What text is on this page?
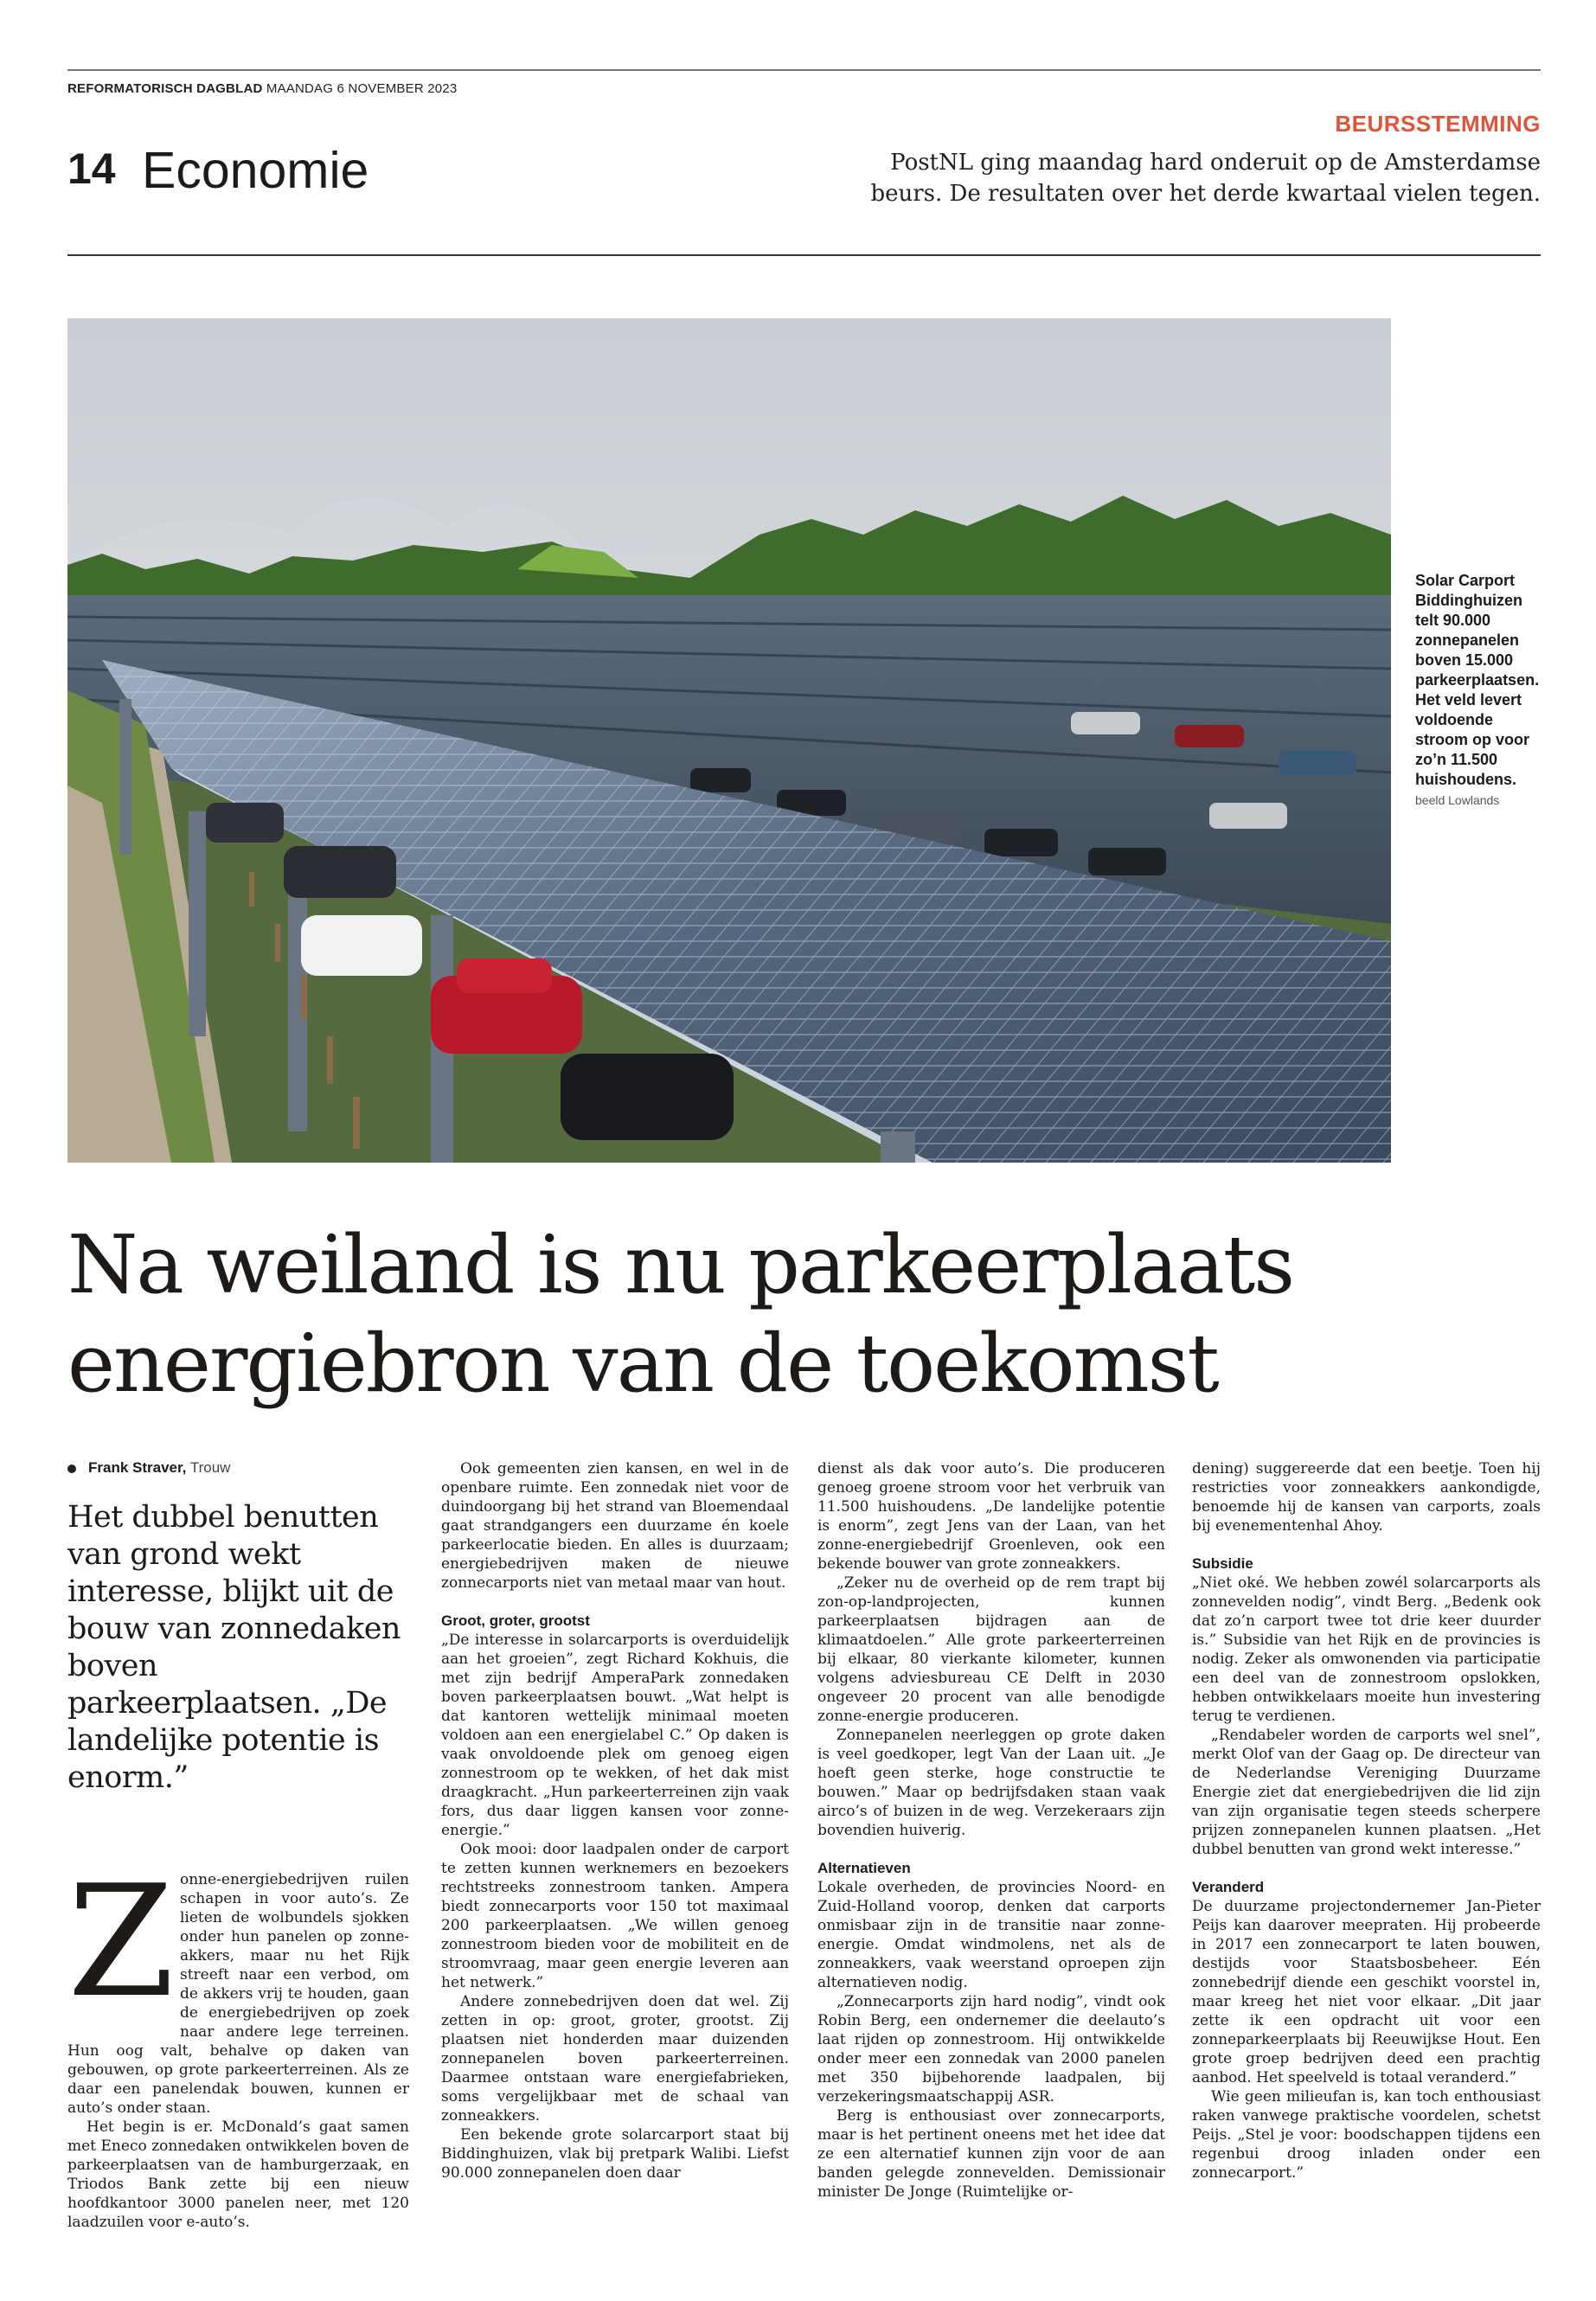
REFORMATORISCH DAGBLAD MAANDAG 6 NOVEMBER 2023
14 Economie
BEURSSTEMMING
PostNL ging maandag hard onderuit op de Amsterdamse beurs. De resultaten over het derde kwartaal vielen tegen.
Solar Carport Biddinghuizen telt 90.000 zonnepanelen boven 15.000 parkeerplaatsen. Het veld levert voldoende stroom op voor zo’n 11.500 huishoudens. beeld Lowlands
Na weiland is nu parkeerplaats
energiebron van de toekomst
Frank Straver, Trouw
Het dubbel benutten van grond wekt interesse, blijkt uit de bouw van zonnedaken boven parkeerplaatsen. „De landelijke potentie is enorm.”
Z onne-energiebedrijven ruilen schapen in voor auto’s. Ze lieten de wolbundels sjokken onder hun panelen op zonne-akkers, maar nu het Rijk streeft naar een verbod, om de akkers vrij te houden, gaan de energiebedrijven op zoek naar andere lege terreinen. Hun oog valt, behalve op daken van gebouwen, op grote parkeerterreinen. Als ze daar een panelendak bouwen, kunnen er auto’s onder staan.

Het begin is er. McDonald’s gaat samen met Eneco zonnedaken ontwikkelen boven de parkeerplaatsen van de hamburgerzaak, en Triodos Bank zette bij een nieuw hoofdkantoor 3000 panelen neer, met 120 laadzuilen voor e-auto’s.

Ook gemeenten zien kansen, en wel in de openbare ruimte. Een zonnedak niet voor de duindoorgang bij het strand van Bloemendaal gaat strandgangers een duurzame én koele parkeerlocatie bieden. En alles is duurzaam; energiebedrijven maken de nieuwe zonnecarports niet van metaal maar van hout.

Groot, groter, grootst

„De interesse in solarcarports is overduidelijk aan het groeien”, zegt Richard Kokhuis, die met zijn bedrijf AmperaPark zonnedaken boven parkeerplaatsen bouwt. „Wat helpt is dat kantoren wettelijk minimaal moeten voldoen aan een energielabel C.” Op daken is vaak onvoldoende plek om genoeg eigen zonnestroom op te wekken, of het dak mist draagkracht. „Hun parkeerterreinen zijn vaak fors, dus daar liggen kansen voor zonne-energie.”

Ook mooi: door laadpalen onder de carport te zetten kunnen werknemers en bezoekers rechtstreeks zonnestroom tanken. Ampera biedt zonnecarports voor 150 tot maximaal 200 parkeerplaatsen. „We willen genoeg zonnestroom bieden voor de mobiliteit en de stroomvraag, maar geen energie leveren aan het netwerk.”

Andere zonnebedrijven doen dat wel. Zij zetten in op: groot, groter, grootst. Zij plaatsen niet honderden maar duizenden zonnepanelen boven parkeerterreinen. Daarmee ontstaan ware energiefabrieken, soms vergelijkbaar met de schaal van zonneakkers.

Een bekende grote solarcarport staat bij Biddinghuizen, vlak bij pretpark Walibi. Liefst 90.000 zonnepanelen doen daar

dienst als dak voor auto’s. Die produceren genoeg groene stroom voor het verbruik van 11.500 huishoudens. „De landelijke potentie is enorm”, zegt Jens van der Laan, van het zonne-energiebedrijf Groenleven, ook een bekende bouwer van grote zonneakkers.

„Zeker nu de overheid op de rem trapt bij zon-op-landprojecten, kunnen parkeerplaatsen bijdragen aan de klimaatdoelen.” Alle grote parkeerterreinen bij elkaar, 80 vierkante kilometer, kunnen volgens adviesbureau CE Delft in 2030 ongeveer 20 procent van alle benodigde zonne-energie produceren.

Zonnepanelen neerleggen op grote daken is veel goedkoper, legt Van der Laan uit. „Je hoeft geen sterke, hoge constructie te bouwen.” Maar op bedrijfsdaken staan vaak airco’s of buizen in de weg. Verzekeraars zijn bovendien huiverig.

Alternatieven

Lokale overheden, de provincies Noord- en Zuid-Holland voorop, denken dat carports onmisbaar zijn in de transitie naar zonne-energie. Omdat windmolens, net als de zonneakkers, vaak weerstand oproepen zijn alternatieven nodig.

„Zonnecarports zijn hard nodig”, vindt ook Robin Berg, een ondernemer die deelauto’s laat rijden op zonnestroom. Hij ontwikkelde onder meer een zonnedak van 2000 panelen met 350 bijbehorende laadpalen, bij verzekeringsmaatschappij ASR.

Berg is enthousiast over zonnecarports, maar is het pertinent oneens met het idee dat ze een alternatief kunnen zijn voor de aan banden gelegde zonnevelden. Demissionair minister De Jonge (Ruimtelijke or-

dening) suggereerde dat een beetje. Toen hij restricties voor zonneakkers aankondigde, benoemde hij de kansen van carports, zoals bij evenementenhal Ahoy.

Subsidie

„Niet oké. We hebben zowél solarcarports als zonnevelden nodig”, vindt Berg. „Bedenk ook dat zo’n carport twee tot drie keer duurder is.” Subsidie van het Rijk en de provincies is nodig. Zeker als omwonenden via participatie een deel van de zonnestroom opslokken, hebben ontwikkelaars moeite hun investering terug te verdienen.

„Rendabeler worden de carports wel snel”, merkt Olof van der Gaag op. De directeur van de Nederlandse Vereniging Duurzame Energie ziet dat energiebedrijven die lid zijn van zijn organisatie tegen steeds scherpere prijzen zonnepanelen kunnen plaatsen. „Het dubbel benutten van grond wekt interesse.”

Veranderd

De duurzame projectondernemer Jan-Pieter Peijs kan daarover meepraten. Hij probeerde in 2017 een zonnecarport te laten bouwen, destijds voor Staatsbosbeheer. Eén zonnebedrijf diende een geschikt voorstel in, maar kreeg het niet voor elkaar. „Dit jaar zette ik een opdracht uit voor een zonneparkeerplaats bij Reeuwijkse Hout. Een grote groep bedrijven deed een prachtig aanbod. Het speelveld is totaal veranderd.”

Wie geen milieufan is, kan toch enthousiast raken vanwege praktische voordelen, schetst Peijs. „Stel je voor: boodschappen tijdens een regenbui droog inladen onder een zonnecarport.”
